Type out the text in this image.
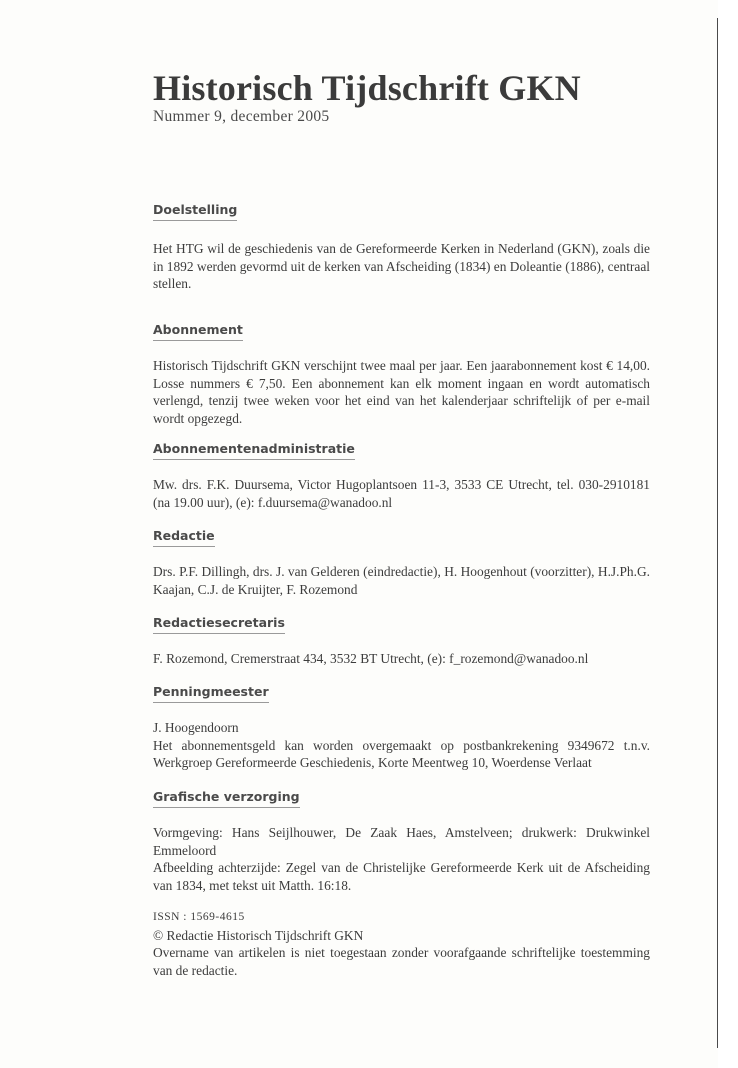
Historisch Tijdschrift GKN

Nummer 9, december 2005

Doelstelling

Het HTG wil de geschiedenis van de Gereformeerde Kerken in Nederland (GKN), zoals die in 1892 werden gevormd uit de kerken van Afscheiding (1834) en Doleantie (1886), centraal stellen.

Abonnement

Historisch Tijdschrift GKN verschijnt twee maal per jaar. Een jaarabonnement kost € 14,00. Losse nummers € 7,50. Een abonnement kan elk moment ingaan en wordt automatisch verlengd, tenzij twee weken voor het eind van het kalenderjaar schriftelijk of per e-mail wordt opgezegd.

Abonnementenadministratie

Mw. drs. F.K. Duursema, Victor Hugoplantsoen 11-3, 3533 CE Utrecht, tel. 030-2910181 (na 19.00 uur), (e): f.duursema@wanadoo.nl

Redactie

Drs. P.F. Dillingh, drs. J. van Gelderen (eindredactie), H. Hoogenhout (voorzitter), H.J.Ph.G. Kaajan, C.J. de Kruijter, F. Rozemond

Redactiesecretaris

F. Rozemond, Cremerstraat 434, 3532 BT Utrecht, (e): f_rozemond@wanadoo.nl

Penningmeester

J. Hoogendoorn
Het abonnementsgeld kan worden overgemaakt op postbankrekening 9349672 t.n.v. Werkgroep Gereformeerde Geschiedenis, Korte Meentweg 10, Woerdense Verlaat

Grafische verzorging

Vormgeving: Hans Seijlhouwer, De Zaak Haes, Amstelveen; drukwerk: Drukwinkel Emmeloord
Afbeelding achterzijde: Zegel van de Christelijke Gereformeerde Kerk uit de Afscheiding van 1834, met tekst uit Matth. 16:18.

ISSN : 1569-4615
© Redactie Historisch Tijdschrift GKN
Overname van artikelen is niet toegestaan zonder voorafgaande schriftelijke toestemming van de redactie.
